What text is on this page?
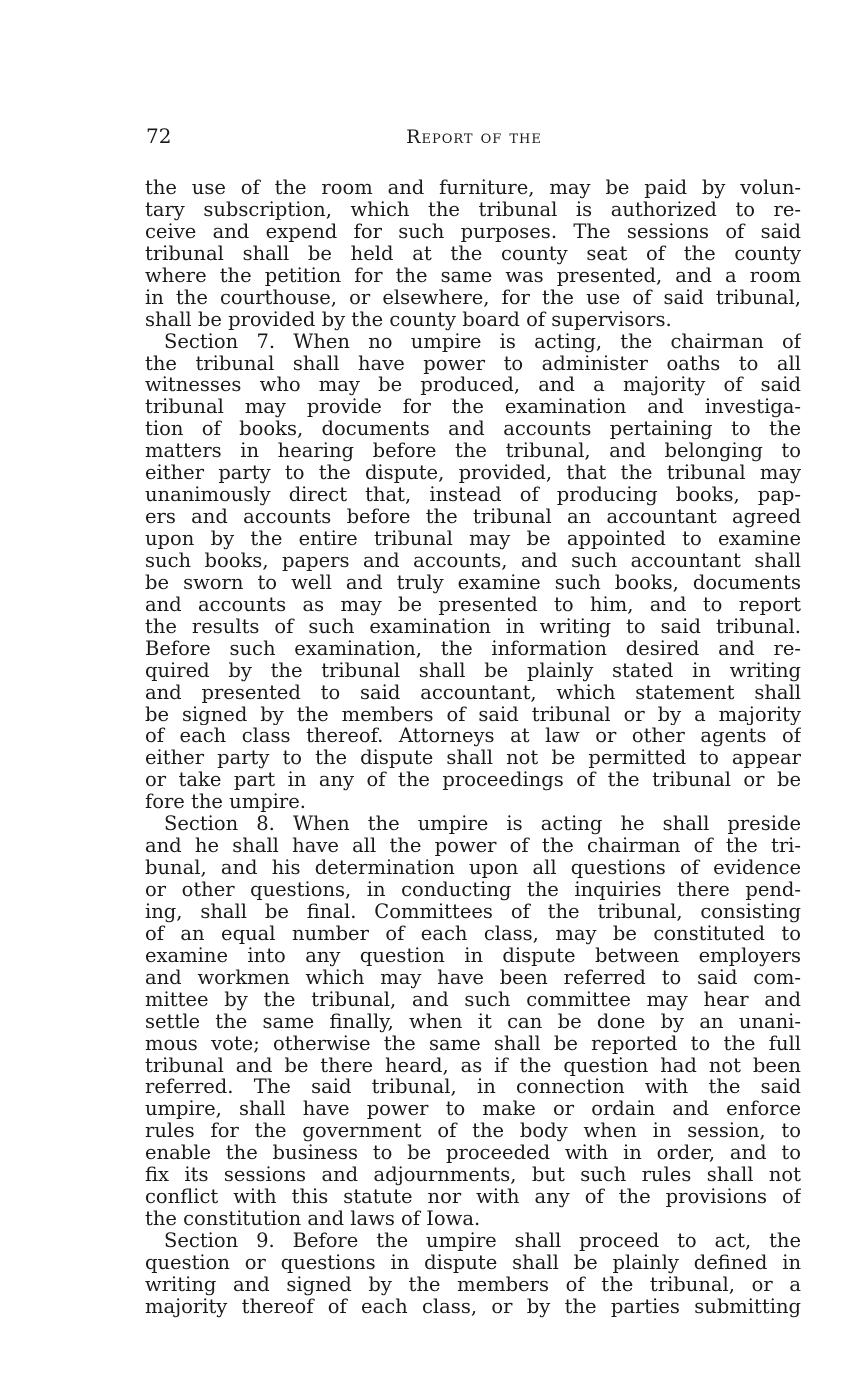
72	Report of the
the use of the room and furniture, may be paid by volun-
tary subscription, which the tribunal is authorized to re-
ceive and expend for such purposes. The sessions of said
tribunal shall be held at the county seat of the county
where the petition for the same was presented, and a room
in the courthouse, or elsewhere, for the use of said tribunal,
shall be provided by the county board of supervisors.
Section 7. When no umpire is acting, the chairman of
the tribunal shall have power to administer oaths to all
witnesses who may be produced, and a majority of said
tribunal may provide for the examination and investiga-
tion of books, documents and accounts pertaining to the
matters in hearing before the tribunal, and belonging to
either party to the dispute, provided, that the tribunal may
unanimously direct that, instead of producing books, pap-
ers and accounts before the tribunal an accountant agreed
upon by the entire tribunal may be appointed to examine
such books, papers and accounts, and such accountant shall
be sworn to well and truly examine such books, documents
and accounts as may be presented to him, and to report
the results of such examination in writing to said tribunal.
Before such examination, the information desired and re-
quired by the tribunal shall be plainly stated in writing
and presented to said accountant, which statement shall
be signed by the members of said tribunal or by a majority
of each class thereof. Attorneys at law or other agents of
either party to the dispute shall not be permitted to appear
or take part in any of the proceedings of the tribunal or be
fore the umpire.
Section 8. When the umpire is acting he shall preside
and he shall have all the power of the chairman of the tri-
bunal, and his determination upon all questions of evidence
or other questions, in conducting the inquiries there pend-
ing, shall be final. Committees of the tribunal, consisting
of an equal number of each class, may be constituted to
examine into any question in dispute between employers
and workmen which may have been referred to said com-
mittee by the tribunal, and such committee may hear and
settle the same finally, when it can be done by an unani-
mous vote; otherwise the same shall be reported to the full
tribunal and be there heard, as if the question had not been
referred. The said tribunal, in connection with the said
umpire, shall have power to make or ordain and enforce
rules for the government of the body when in session, to
enable the business to be proceeded with in order, and to
fix its sessions and adjournments, but such rules shall not
conflict with this statute nor with any of the provisions of
the constitution and laws of Iowa.
Section 9. Before the umpire shall proceed to act, the
question or questions in dispute shall be plainly defined in
writing and signed by the members of the tribunal, or a
majority thereof of each class, or by the parties submitting
